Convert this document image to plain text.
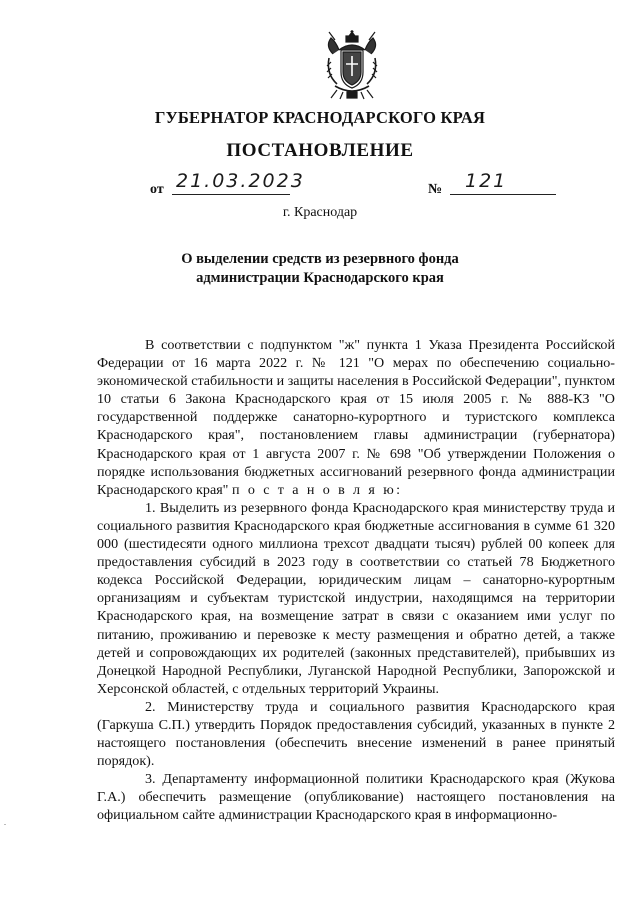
ГУБЕРНАТОР КРАСНОДАРСКОГО КРАЯ
ПОСТАНОВЛЕНИЕ
от 21.03.2023	№ 121
г. Краснодар
О выделении средств из резервного фонда
администрации Краснодарского края

В соответствии с подпунктом "ж" пункта 1 Указа Президента Российской Федерации от 16 марта 2022 г. № 121 "О мерах по обеспечению социально-экономической стабильности и защиты населения в Российской Федерации", пунктом 10 статьи 6 Закона Краснодарского края от 15 июля 2005 г. № 888-КЗ "О государственной поддержке санаторно-курортного и туристского комплекса Краснодарского края", постановлением главы администрации (губернатора) Краснодарского края от 1 августа 2007 г. № 698 "Об утверждении Положения о порядке использования бюджетных ассигнований резервного фонда администрации Краснодарского края" п о с т а н о в л я ю:

1. Выделить из резервного фонда Краснодарского края министерству труда и социального развития Краснодарского края бюджетные ассигнования в сумме 61 320 000 (шестидесяти одного миллиона трехсот двадцати тысяч) рублей 00 копеек для предоставления субсидий в 2023 году в соответствии со статьей 78 Бюджетного кодекса Российской Федерации, юридическим лицам – санаторно-курортным организациям и субъектам туристской индустрии, находящимся на территории Краснодарского края, на возмещение затрат в связи с оказанием ими услуг по питанию, проживанию и перевозке к месту размещения и обратно детей, а также детей и сопровождающих их родителей (законных представителей), прибывших из Донецкой Народной Республики, Луганской Народной Республики, Запорожской и Херсонской областей, с отдельных территорий Украины.

2. Министерству труда и социального развития Краснодарского края (Гаркуша С.П.) утвердить Порядок предоставления субсидий, указанных в пункте 2 настоящего постановления (обеспечить внесение изменений в ранее принятый порядок).

3. Департаменту информационной политики Краснодарского края (Жукова Г.А.) обеспечить размещение (опубликование) настоящего постановления на официальном сайте администрации Краснодарского края в информационно-
